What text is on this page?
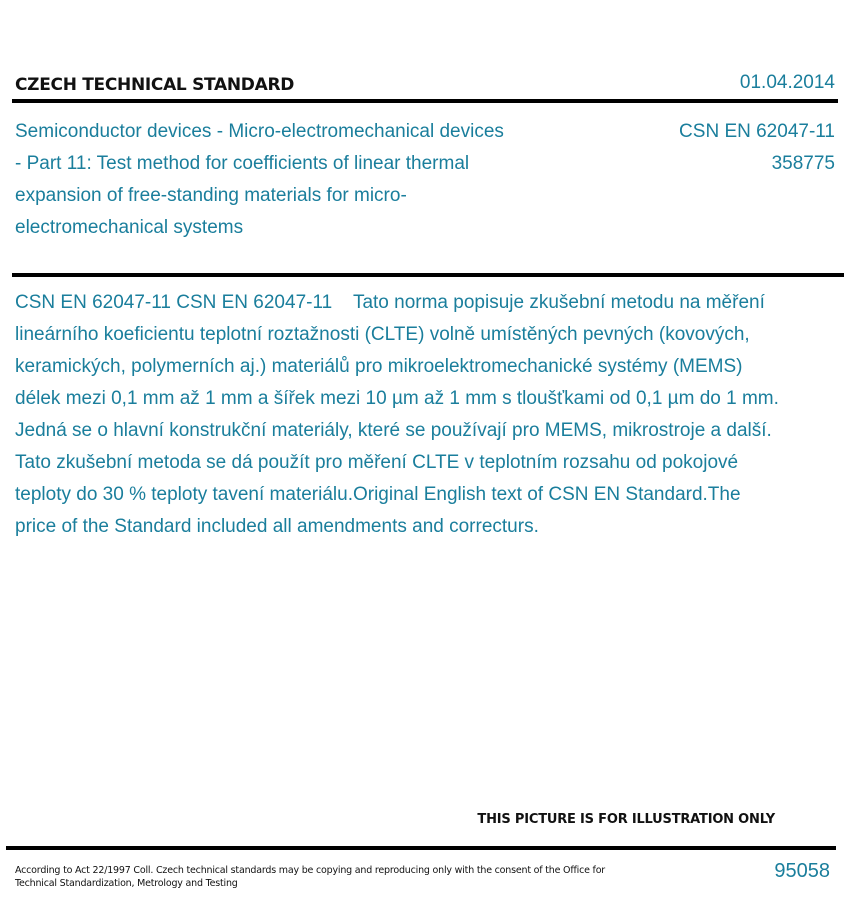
CZECH TECHNICAL STANDARD	01.04.2014
Semiconductor devices - Micro-electromechanical devices - Part 11: Test method for coefficients of linear thermal expansion of free-standing materials for micro-electromechanical systems
CSN EN 62047-11
358775
CSN EN 62047-11 CSN EN 62047-11    Tato norma popisuje zkušební metodu na měření lineárního koeficientu teplotní roztažnosti (CLTE) volně umístěných pevných (kovových, keramických, polymerních aj.) materiálů pro mikroelektromechanické systémy (MEMS) délek mezi 0,1 mm až 1 mm a šířek mezi 10 µm až 1 mm s tloušťkami od 0,1 µm do 1 mm. Jedná se o hlavní konstrukční materiály, které se používají pro MEMS, mikrostroje a další. Tato zkušební metoda se dá použít pro měření CLTE v teplotním rozsahu od pokojové teploty do 30 % teploty tavení materiálu.Original English text of CSN EN Standard.The price of the Standard included all amendments and correcturs.
THIS PICTURE IS FOR ILLUSTRATION ONLY
According to Act 22/1997 Coll. Czech technical standards may be copying and reproducing only with the consent of the Office for Technical Standardization, Metrology and Testing
95058
